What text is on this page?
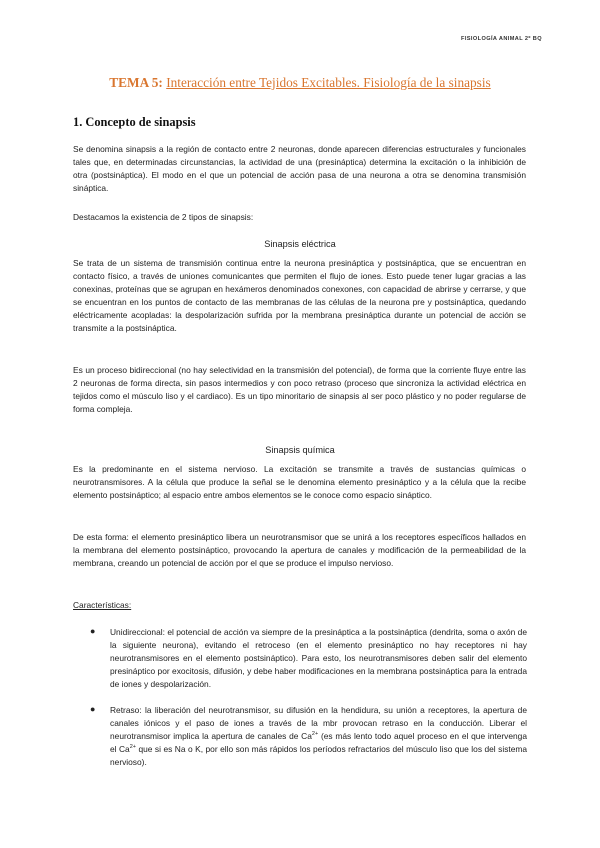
FISIOLOGÍA ANIMAL 2º BQ
TEMA 5: Interacción entre Tejidos Excitables. Fisiología de la sinapsis
1. Concepto de sinapsis

Se denomina sinapsis a la región de contacto entre 2 neuronas, donde aparecen diferencias estructurales y funcionales tales que, en determinadas circunstancias, la actividad de una (presináptica) determina la excitación o la inhibición de otra (postsináptica). El modo en el que un potencial de acción pasa de una neurona a otra se denomina transmisión sináptica.

Destacamos la existencia de 2 tipos de sinapsis:

Sinapsis eléctrica

Se trata de un sistema de transmisión continua entre la neurona presináptica y postsináptica, que se encuentran en contacto físico, a través de uniones comunicantes que permiten el flujo de iones. Esto puede tener lugar gracias a las conexinas, proteínas que se agrupan en hexámeros denominados conexones, con capacidad de abrirse y cerrarse, y que se encuentran en los puntos de contacto de las membranas de las células de la neurona pre y postsináptica, quedando eléctricamente acopladas: la despolarización sufrida por la membrana presináptica durante un potencial de acción se transmite a la postsináptica.

Es un proceso bidireccional (no hay selectividad en la transmisión del potencial), de forma que la corriente fluye entre las 2 neuronas de forma directa, sin pasos intermedios y con poco retraso (proceso que sincroniza la actividad eléctrica en tejidos como el músculo liso y el cardiaco). Es un tipo minoritario de sinapsis al ser poco plástico y no poder regularse de forma compleja.

Sinapsis química

Es la predominante en el sistema nervioso. La excitación se transmite a través de sustancias químicas o neurotransmisores. A la célula que produce la señal se le denomina elemento presináptico y a la célula que la recibe elemento postsináptico; al espacio entre ambos elementos se le conoce como espacio sináptico.

De esta forma: el elemento presináptico libera un neurotransmisor que se unirá a los receptores específicos hallados en la membrana del elemento postsináptico, provocando la apertura de canales y modificación de la permeabilidad de la membrana, creando un potencial de acción por el que se produce el impulso nervioso.

Características:
● Unidireccional: el potencial de acción va siempre de la presináptica a la postsináptica (dendrita, soma o axón de la siguiente neurona), evitando el retroceso (en el elemento presináptico no hay receptores ni hay neurotransmisores en el elemento postsináptico). Para esto, los neurotransmisores deben salir del elemento presináptico por exocitosis, difusión, y debe haber modificaciones en la membrana postsináptica para la entrada de iones y despolarización.

● Retraso: la liberación del neurotransmisor, su difusión en la hendidura, su unión a receptores, la apertura de canales iónicos y el paso de iones a través de la mbr provocan retraso en la conducción. Liberar el neurotransmisor implica la apertura de canales de $Ca^{2+}$ (es más lento todo aquel proceso en el que intervenga el $Ca^{2+}$ que si es Na o K, por ello son más rápidos los períodos refractarios del músculo liso que los del sistema nervioso).
